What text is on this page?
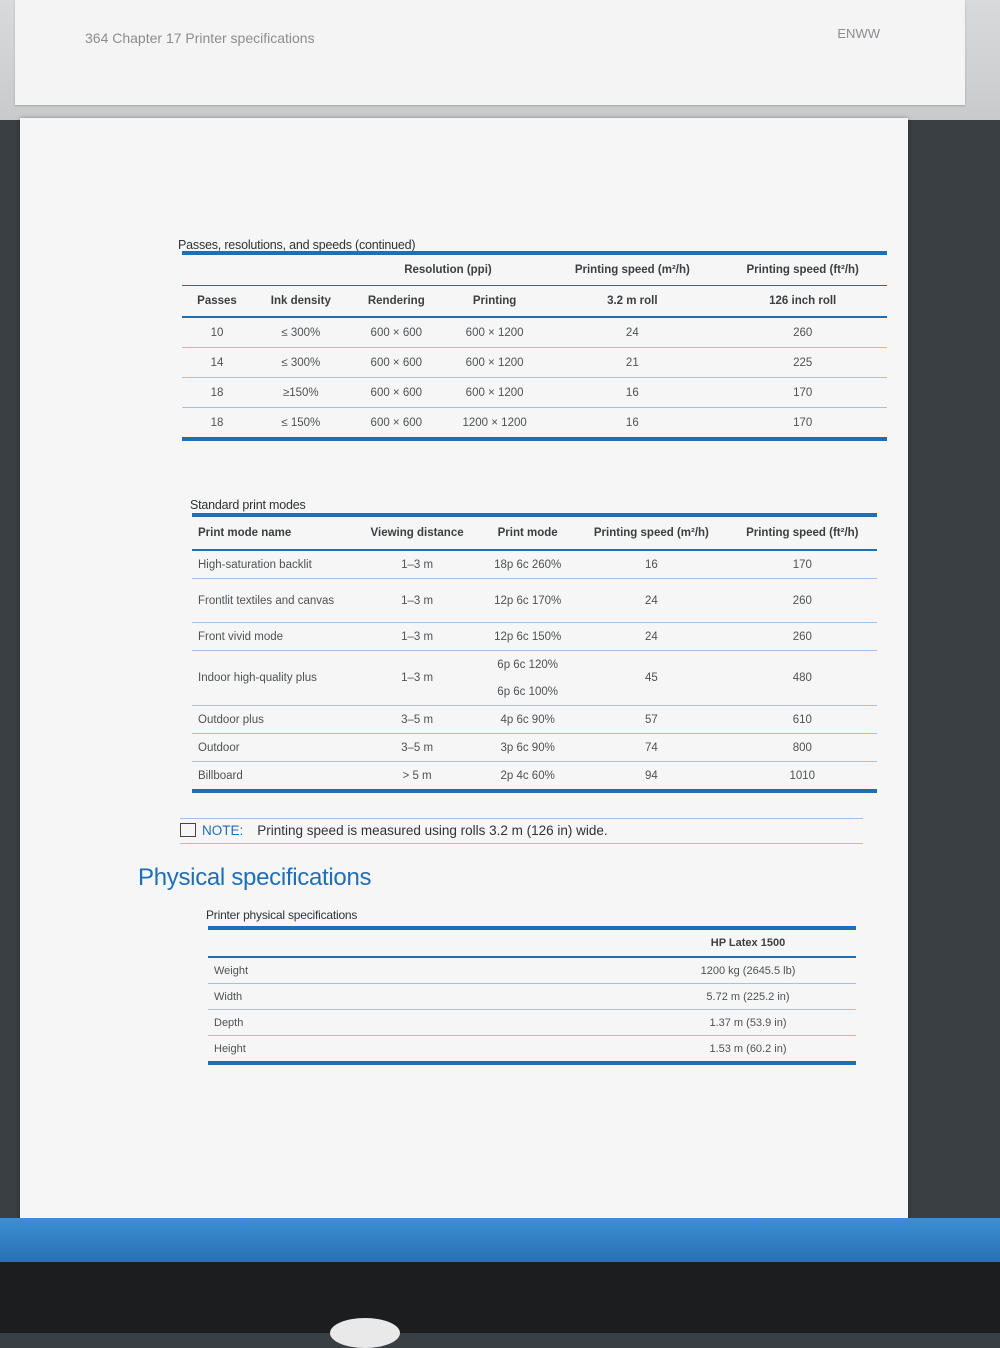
364 Chapter 17 Printer specifications	ENWW
Passes, resolutions, and speeds (continued)
		Resolution (ppi)		Printing speed (m²/h)	Printing speed (ft²/h)
Passes	Ink density	Rendering	Printing	3.2 m roll	126 inch roll
10	≤ 300%	600 × 600	600 × 1200	24	260
14	≤ 300%	600 × 600	600 × 1200	21	225
18	≥150%	600 × 600	600 × 1200	16	170
18	≤ 150%	600 × 600	1200 × 1200	16	170
Standard print modes
Print mode name	Viewing distance	Print mode	Printing speed (m²/h)	Printing speed (ft²/h)
High-saturation backlit	1–3 m	18p 6c 260%	16	170
Frontlit textiles and canvas	1–3 m	12p 6c 170%	24	260
Front vivid mode	1–3 m	12p 6c 150%	24	260
Indoor high-quality plus	1–3 m	6p 6c 120%	45	480
		6p 6c 100%		
Outdoor plus	3–5 m	4p 6c 90%	57	610
Outdoor	3–5 m	3p 6c 90%	74	800
Billboard	> 5 m	2p 4c 60%	94	1010
NOTE: Printing speed is measured using rolls 3.2 m (126 in) wide.
Physical specifications
Printer physical specifications
	HP Latex 1500
Weight	1200 kg (2645.5 lb)
Width	5.72 m (225.2 in)
Depth	1.37 m (53.9 in)
Height	1.53 m (60.2 in)
